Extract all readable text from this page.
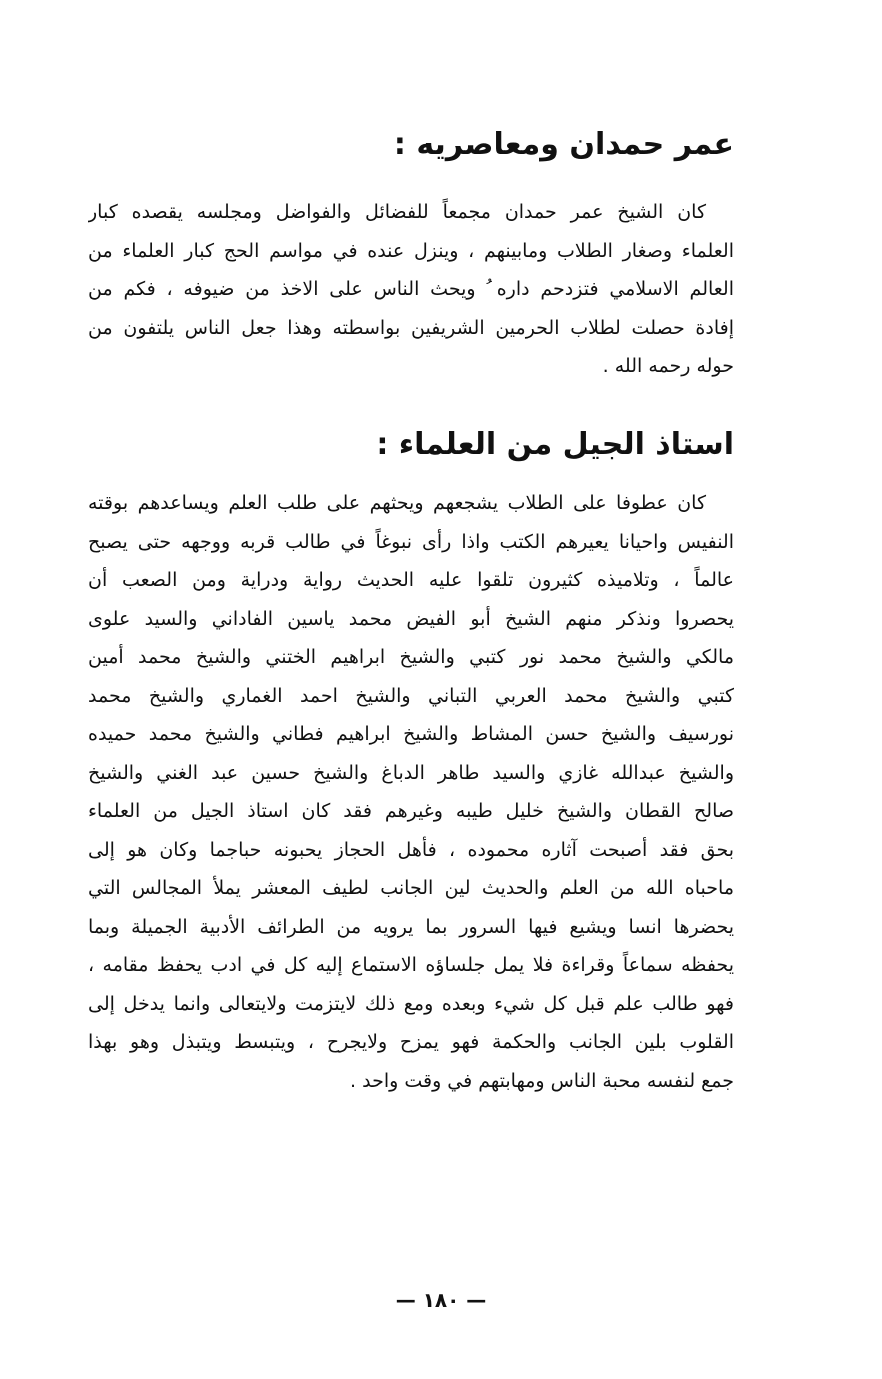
عمر حمدان ومعاصريه :

كان الشيخ عمر حمدان مجمعاً للفضائل والفواضل ومجلسه يقصده كبار

العلماء وصغار الطلاب ومابينهم ، وينزل عنده في مواسم الحج كبار العلماء من

العالم الاسلامي فتزدحم داره ُ ويحث الناس على الاخذ من ضيوفه ، فكم من

إفادة حصلت لطلاب الحرمين الشريفين بواسطته وهذا جعل الناس يلتفون من

حوله رحمه الله .

استاذ الجيل من العلماء :

كان عطوفا على الطلاب يشجعهم ويحثهم على طلب العلم ويساعدهم بوقته

النفيس واحيانا يعيرهم الكتب واذا رأى نبوغاً في طالب قربه ووجهه حتى يصبح

عالماً ، وتلاميذه كثيرون تلقوا عليه الحديث رواية ودراية ومن الصعب أن

يحصروا ونذكر منهم الشيخ أبو الفيض محمد ياسين الفاداني والسيد علوى

مالكي والشيخ محمد نور كتبي والشيخ ابراهيم الختني والشيخ محمد أمين

كتبي والشيخ محمد العربي التباني والشيخ احمد الغماري والشيخ محمد

نورسيف والشيخ حسن المشاط والشيخ ابراهيم فطاني والشيخ محمد حميده

والشيخ عبدالله غازي والسيد طاهر الدباغ والشيخ حسين عبد الغني والشيخ

صالح القطان والشيخ خليل طيبه وغيرهم فقد كان استاذ الجيل من العلماء

بحق فقد أصبحت آثاره محموده ، فأهل الحجاز يحبونه حباجما وكان هو إلى

ماحباه الله من العلم والحديث لين الجانب لطيف المعشر يملأ المجالس التي

يحضرها انسا ويشيع فيها السرور بما يرويه من الطرائف الأدبية الجميلة وبما

يحفظه سماعاً وقراءة فلا يمل جلساؤه الاستماع إليه كل في ادب يحفظ مقامه ،

فهو طالب علم قبل كل شيء وبعده ومع ذلك لايتزمت ولايتعالى وانما يدخل إلى

القلوب بلين الجانب والحكمة فهو يمزح ولايجرح ، ويتبسط ويتبذل وهو بهذا

جمع لنفسه محبة الناس ومهابتهم في وقت واحد .

— ١٨٠ —
